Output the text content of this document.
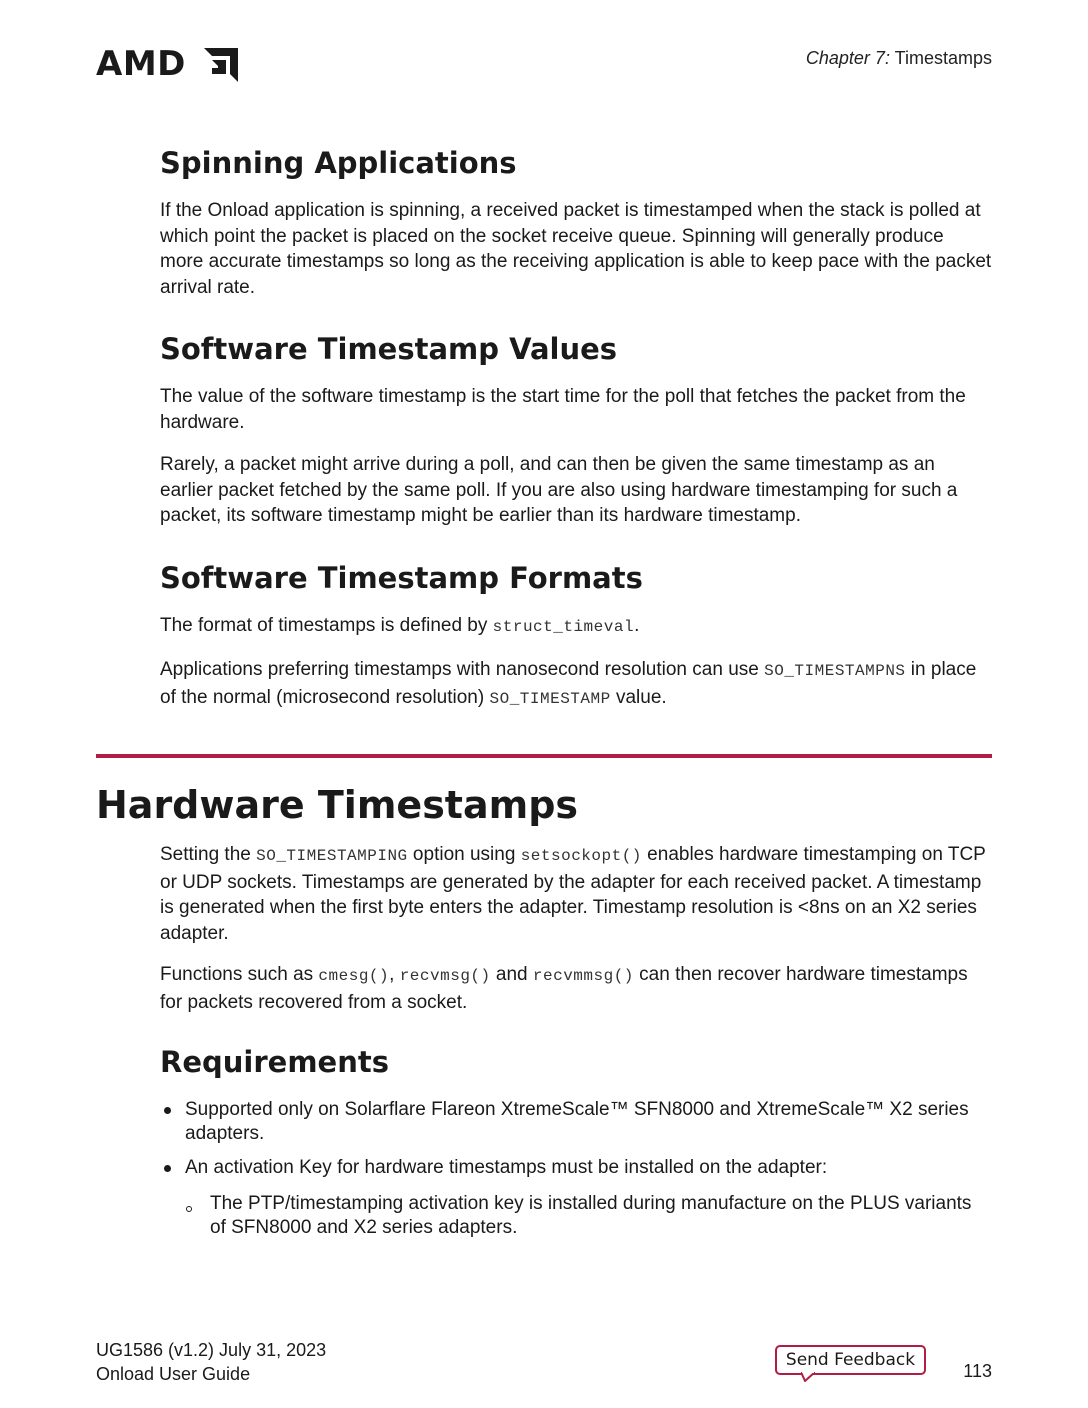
AMD	Chapter 7: Timestamps
Spinning Applications

If the Onload application is spinning, a received packet is timestamped when the stack is polled at which point the packet is placed on the socket receive queue. Spinning will generally produce more accurate timestamps so long as the receiving application is able to keep pace with the packet arrival rate.

Software Timestamp Values

The value of the software timestamp is the start time for the poll that fetches the packet from the hardware.

Rarely, a packet might arrive during a poll, and can then be given the same timestamp as an earlier packet fetched by the same poll. If you are also using hardware timestamping for such a packet, its software timestamp might be earlier than its hardware timestamp.

Software Timestamp Formats

The format of timestamps is defined by struct_timeval.

Applications preferring timestamps with nanosecond resolution can use SO_TIMESTAMPNS in place of the normal (microsecond resolution) SO_TIMESTAMP value.

Hardware Timestamps

Setting the SO_TIMESTAMPING option using setsockopt() enables hardware timestamping on TCP or UDP sockets. Timestamps are generated by the adapter for each received packet. A timestamp is generated when the first byte enters the adapter. Timestamp resolution is <8ns on an X2 series adapter.

Functions such as cmesg(), recvmsg() and recvmmsg() can then recover hardware timestamps for packets recovered from a socket.

Requirements

Supported only on Solarflare Flareon XtremeScale™ SFN8000 and XtremeScale™ X2 series adapters.

An activation Key for hardware timestamps must be installed on the adapter:

The PTP/timestamping activation key is installed during manufacture on the PLUS variants of SFN8000 and X2 series adapters.

UG1586 (v1.2) July 31, 2023
Onload User Guide
Send Feedback
113
